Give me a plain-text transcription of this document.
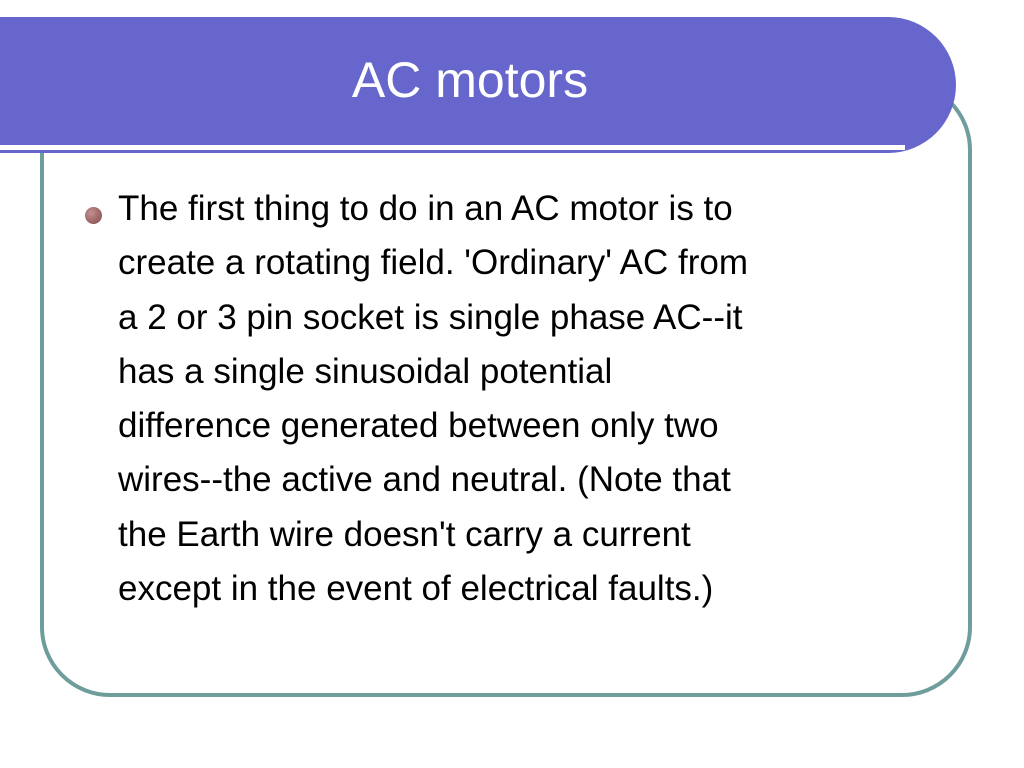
AC motors
The first thing to do in an AC motor is to
create a rotating field. 'Ordinary' AC from
a 2 or 3 pin socket is single phase AC--it
has a single sinusoidal potential
difference generated between only two
wires--the active and neutral. (Note that
the Earth wire doesn't carry a current
except in the event of electrical faults.)
